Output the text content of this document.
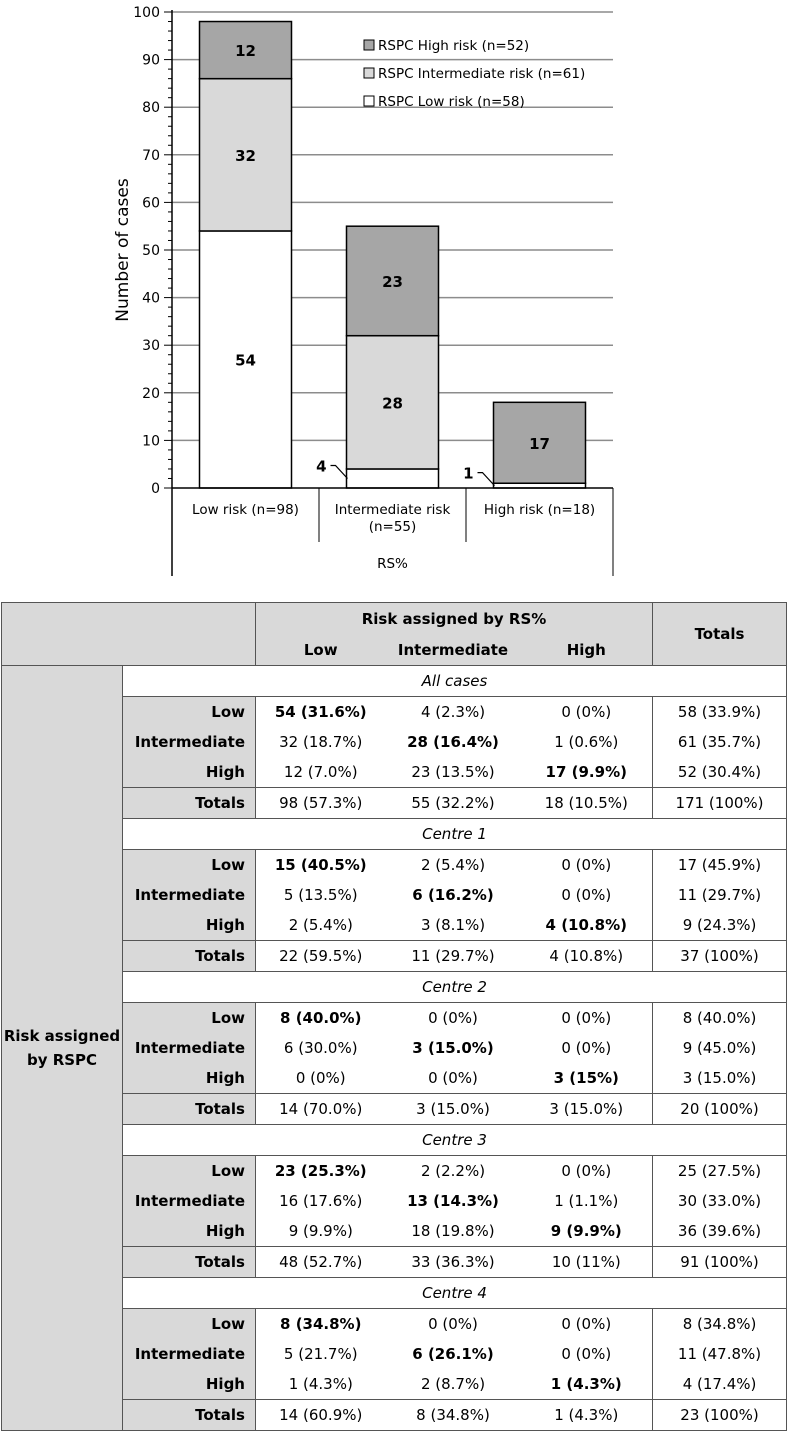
0
10
20
30
40
50
60
70
80
90
100
Number of cases
Low risk (n=98)	Intermediate risk
(n=55)
High risk (n=18)
RS%
54
32
12
4
28
23
1
17
RSPC High risk (n=52)
RSPC Intermediate risk (n=61)
RSPC Low risk (n=58)
		Risk assigned by RS%			Totals
		Low	Intermediate	High	
Risk assigned by RSPC	All cases				
	Low	54 (31.6%)	4 (2.3%)	0 (0%)	58 (33.9%)
	Intermediate	32 (18.7%)	28 (16.4%)	1 (0.6%)	61 (35.7%)
	High	12 (7.0%)	23 (13.5%)	17 (9.9%)	52 (30.4%)
	Totals	98 (57.3%)	55 (32.2%)	18 (10.5%)	171 (100%)
	Centre 1				
	Low	15 (40.5%)	2 (5.4%)	0 (0%)	17 (45.9%)
	Intermediate	5 (13.5%)	6 (16.2%)	0 (0%)	11 (29.7%)
	High	2 (5.4%)	3 (8.1%)	4 (10.8%)	9 (24.3%)
	Totals	22 (59.5%)	11 (29.7%)	4 (10.8%)	37 (100%)
	Centre 2				
	Low	8 (40.0%)	0 (0%)	0 (0%)	8 (40.0%)
	Intermediate	6 (30.0%)	3 (15.0%)	0 (0%)	9 (45.0%)
	High	0 (0%)	0 (0%)	3 (15%)	3 (15.0%)
	Totals	14 (70.0%)	3 (15.0%)	3 (15.0%)	20 (100%)
	Centre 3				
	Low	23 (25.3%)	2 (2.2%)	0 (0%)	25 (27.5%)
	Intermediate	16 (17.6%)	13 (14.3%)	1 (1.1%)	30 (33.0%)
	High	9 (9.9%)	18 (19.8%)	9 (9.9%)	36 (39.6%)
	Totals	48 (52.7%)	33 (36.3%)	10 (11%)	91 (100%)
	Centre 4				
	Low	8 (34.8%)	0 (0%)	0 (0%)	8 (34.8%)
	Intermediate	5 (21.7%)	6 (26.1%)	0 (0%)	11 (47.8%)
	High	1 (4.3%)	2 (8.7%)	1 (4.3%)	4 (17.4%)
	Totals	14 (60.9%)	8 (34.8%)	1 (4.3%)	23 (100%)
